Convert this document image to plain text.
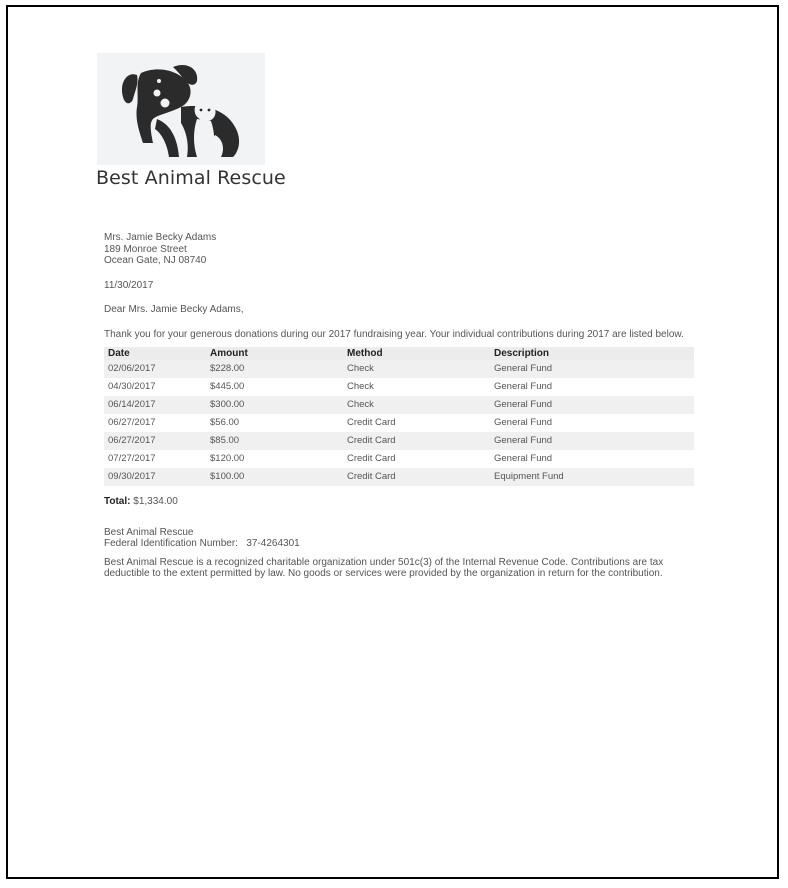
Best Animal Rescue
Mrs. Jamie Becky Adams
189 Monroe Street
Ocean Gate, NJ 08740
11/30/2017
Dear Mrs. Jamie Becky Adams,
Thank you for your generous donations during our 2017 fundraising year. Your individual contributions during 2017 are listed below.
Date	Amount	Method	Description
02/06/2017	$228.00	Check	General Fund
04/30/2017	$445.00	Check	General Fund
06/14/2017	$300.00	Check	General Fund
06/27/2017	$56.00	Credit Card	General Fund
06/27/2017	$85.00	Credit Card	General Fund
07/27/2017	$120.00	Credit Card	General Fund
09/30/2017	$100.00	Credit Card	Equipment Fund
Total: $1,334.00
Best Animal Rescue
Federal Identification Number: 37-4264301
Best Animal Rescue is a recognized charitable organization under 501c(3) of the Internal Revenue Code. Contributions are tax deductible to the extent permitted by law. No goods or services were provided by the organization in return for the contribution.
